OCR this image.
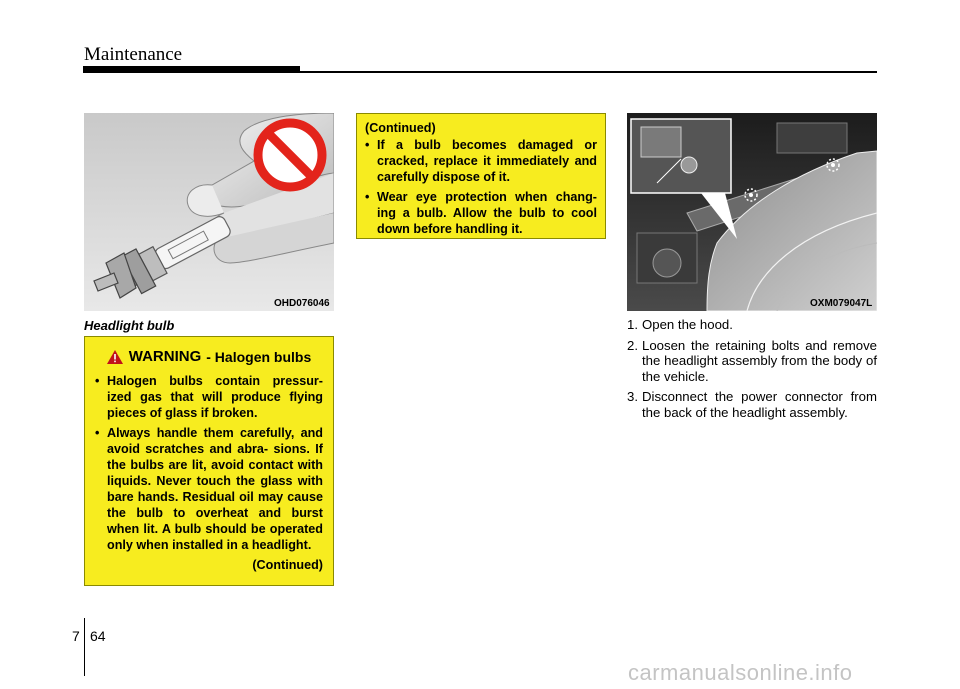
Maintenance
OHD076046
Headlight bulb
WARNING - Halogen bulbs
• Halogen bulbs contain pressur- ized gas that will produce flying pieces of glass if broken.
• Always handle them carefully, and avoid scratches and abra- sions. If the bulbs are lit, avoid contact with liquids. Never touch the glass with bare hands. Residual oil may cause the bulb to overheat and burst when lit. A bulb should be operated only when installed in a headlight.
(Continued)
(Continued)
• If a bulb becomes damaged or cracked, replace it immediately and carefully dispose of it.
• Wear eye protection when chang- ing a bulb. Allow the bulb to cool down before handling it.
OXM079047L
1. Open the hood.
2. Loosen the retaining bolts and remove the headlight assembly from the body of the vehicle.
3. Disconnect the power connector from the back of the headlight assembly.
7 64
carmanualsonline.info
